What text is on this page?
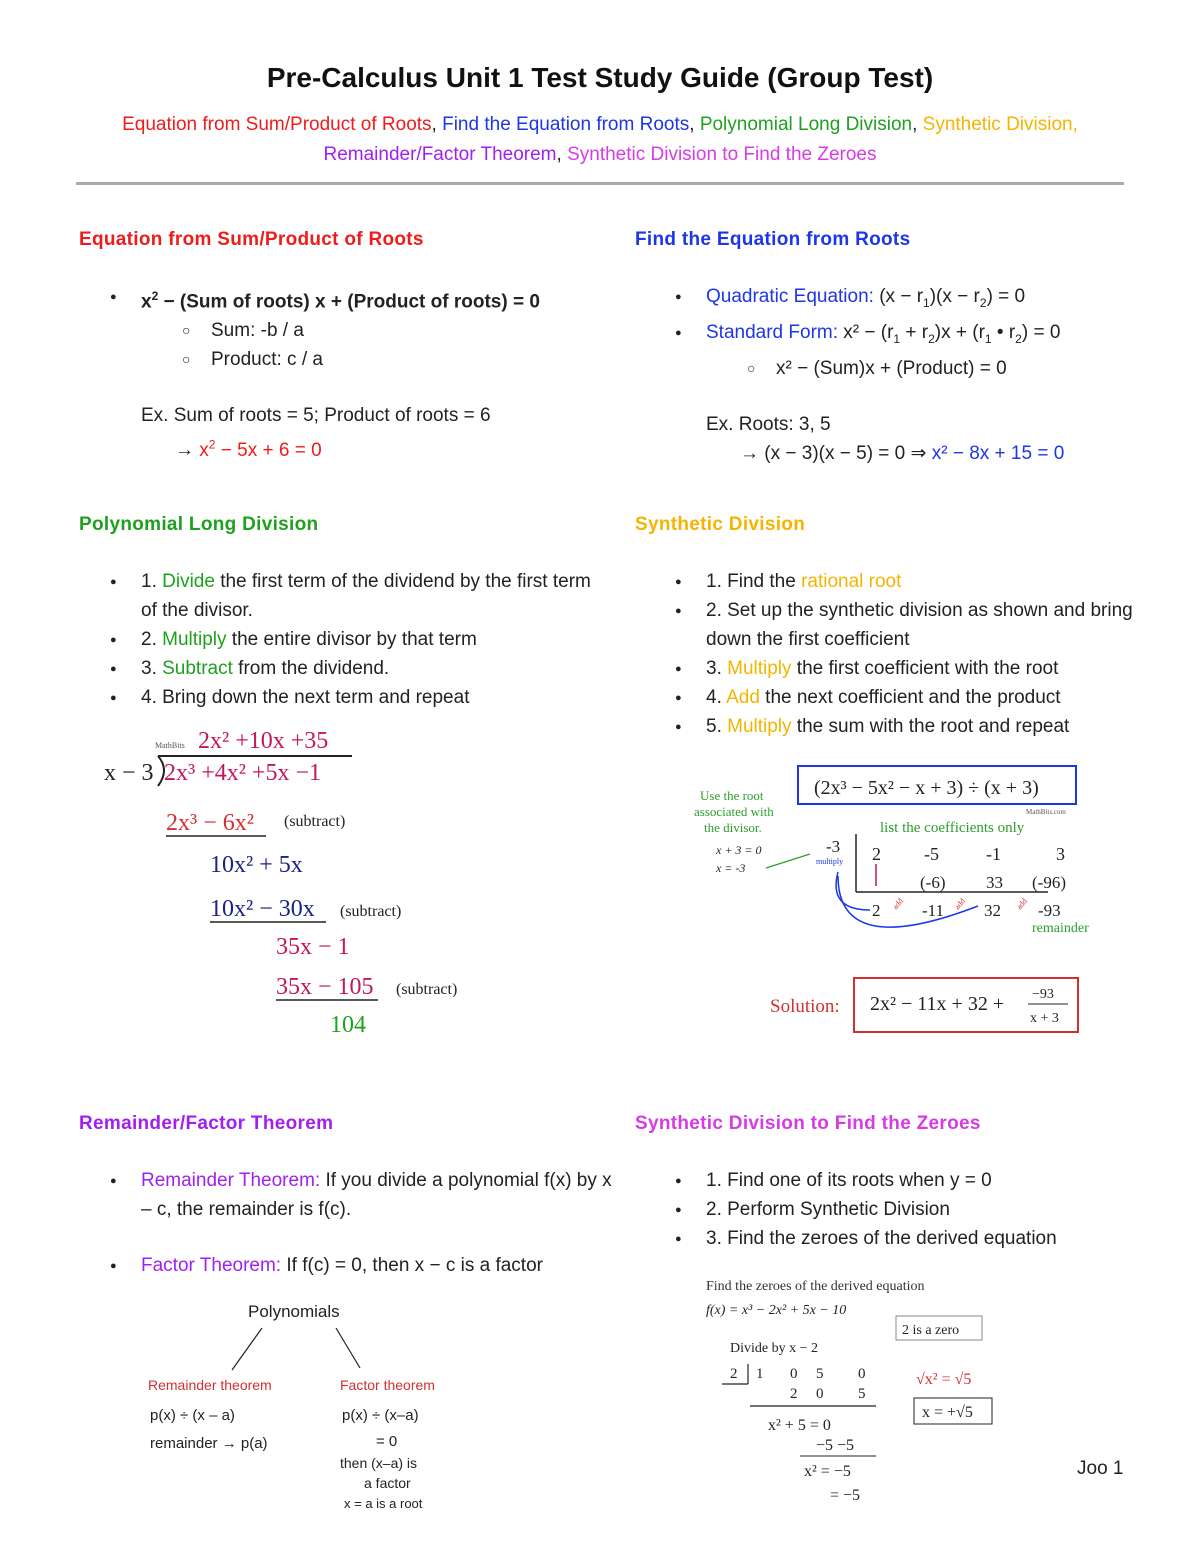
Pre-Calculus Unit 1 Test Study Guide (Group Test)
Equation from Sum/Product of Roots, Find the Equation from Roots, Polynomial Long Division, Synthetic Division,
Remainder/Factor Theorem, Synthetic Division to Find the Zeroes
Equation from Sum/Product of Roots
● $x^2 - (Sum$ of roots) x + (Product of roots) = 0
○ Sum: -b / a
○ Product: c / a
Ex. Sum of roots = 5; Product of roots = 6
→ $x^2 - 5x + 6 = 0$
Find the Equation from Roots
● Quadratic Equation: $(x - r_1)(x - r_2) = 0$
● Standard Form: $x^2 - (r_1 + r_2)x + (r_1$ • $r_2) = 0$
○ x² − (Sum)x + (Product) = 0
Ex. Roots: 3, 5
→ (x − 3)(x − 5) = 0 ⇒ x² − 8x + 15 = 0
Polynomial Long Division
● 1. Divide the first term of the dividend by the first term of the divisor.
● 2. Multiply the entire divisor by that term
● 3. Subtract from the dividend.
● 4. Bring down the next term and repeat
MathBits 2x² +10x +35
x − 3 2x³ +4x² +5x −1
2x³ − 6x² (subtract)
10x² + 5x
10x² − 30x (subtract)
35x − 1
35x − 105 (subtract)
104
Synthetic Division
● 1. Find the rational root
● 2. Set up the synthetic division as shown and bring down the first coefficient
● 3. Multiply the first coefficient with the root
● 4. Add the next coefficient and the product
● 5. Multiply the sum with the root and repeat
(2x³ − 5x² − x + 3) ÷ (x + 3)
MathBits.com
Use the root
associated with
the divisor.
x + 3 = 0
x = -3
list the coefficients only
-3
multiply 2 -5	-1	3
(-6) 33 (-96)
2 -11 32 -93
add	add	add
remainder
Solution: 2x² − 11x + 32 + −93
x + 3
Remainder/Factor Theorem
● Remainder Theorem: If you divide a polynomial f(x) by x – c, the remainder is f(c).
● Factor Theorem: If f(c) = 0, then x − c is a factor
Polynomials
Remainder theorem	Factor theorem
p(x) ÷ (x – a)
remainder → p(a)
p(x) ÷ (x–a)
= 0
then (x–a) is
a factor
x = a is a root
Synthetic Division to Find the Zeroes
● 1. Find one of its roots when y = 0
● 2. Perform Synthetic Division
● 3. Find the zeroes of the derived equation
Find the zeroes of the derived equation
f(x) = x³ − 2x² + 5x − 10
2 is a zero
Divide by x − 2
2 1 0 5 0
2 0 5
x² + 5 = 0
−5 −5
x² = −5
= −5
√x² = √5
x = +√5
Joo 1
